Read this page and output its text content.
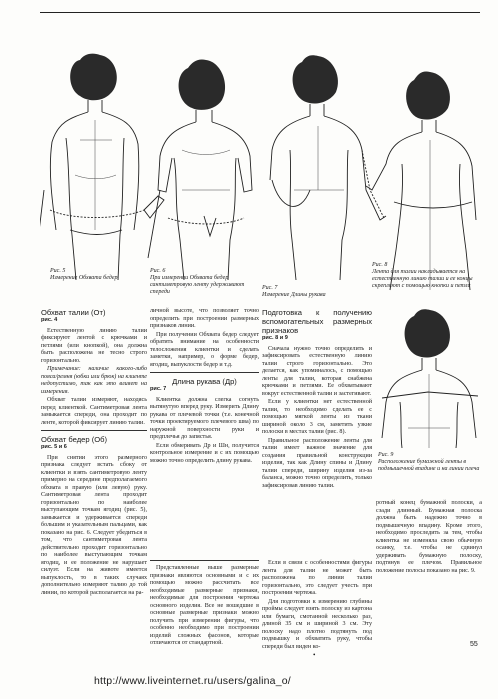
Рис. 5
Измерение Обхвата бедер
Рис. 6
При измерении Обхвата бедер сантиметровую ленту удерживают спереди
Рис. 7
Измерение Длины рукава
Рис. 8
Лента для талии накладывается на естественную линию талии и ее концы скрепляют с помощью кнопки и петли
Обхват талии (От)
рис. 4

Естественную линию талии фиксируют лентой с крючками и петлями (или кнопкой), она должна быть расположена не тесно строго горизонтально.

Примечание: наличие какого-либо пояса/ремня (юбки или брюк) на клиенте недопустимо, так как это влияет на измерения.

Обхват талии измеряют, находясь перед клиенткой. Сантиметровая лента замыкается спереди, она проходит по ленте, которой фиксирует линию талии.

Обхват бедер (Об)
рис. 5 и 6

При снятии этого размерного признака следует встать сбоку от клиентки и взять сантиметровую ленту примерно на середине предполагаемого обхвата в правую (или левую) руку. Сантиметровая лента проходит горизонтально по наиболее выступающим точкам ягодиц (рис. 5), замыкается и удерживается спереди большим и указательным пальцами, как показано на рис. 6. Следует убедиться в том, что сантиметровая лента действительно проходит горизонтально по наиболее выступающим точкам ягодиц, и ее положение не нарушает силуэт. Если на животе имеется выпуклость, то в таких случаях дополнительно измеряют талию до той линии, по которой располагается на ра-

личной высоте, что позволяет точно определить при построении размерных признаков линии.

При получении Обхвата бедер следует обратить внимание на особенности телосложения клиентки и сделать заметки, например, о форме бедер, ягодиц, выпуклости бедер и т.д.

Длина рукава (Др)
рис. 7

Клиентка должна слегка согнуть вытянутую вперед руку. Измерить Длину рукава от плечевой точки (т.е. конечной точки проектируемого плечевого шва) по наружной поверхности руки и предплечья до запястья.

Если обмеривать Др и Шн, получится контрольное измерение и с их помощью можно точно определить длину рукава.

Представленные выше размерные признаки являются основными и с их помощью можно рассчитать все необходимые размерные признаки, необходимые для построения чертежа основного изделия. Все не вошедшие в основные размерные признаки можно получить при измерении фигуры, что особенно необходимо при построении изделий сложных фасонов, которые отличаются от стандартной.

Подготовка к получению вспомогательных размерных признаков
рис. 8 и 9

Сначала нужно точно определить и зафиксировать естественную линию талии строго горизонтально. Это делается, как упоминалось, с помощью ленты для талии, которая снабжена крючками и петлями. Ее обхватывают вокруг естественной талии и застегивают.

Если у клиентки нет естественной талии, то необходимо сделать ее с помощью мягкой ленты из ткани шириной около 3 см, заметить узкие полоски в местах талии (рис. 8).

Правильное расположение ленты для талии имеет важное значение для создания правильной конструкции изделия, так как Длину спины и Длину талии спереди, ширину изделия из-за баланса, можно точно определить, только зафиксировав линию талии.

Если в связи с особенностями фигуры лента для талии не может быть расположена по линии талии горизонтально, это следует учесть при построении чертежа.

Для подготовки к измерению глубины проймы следует взять полоску из картона или бумаги, смотанной несколько раз, длиной 35 см и шириной 3 см. Эту полоску надо плотно подтянуть под подмышку и обхватить руку, чтобы спереди был виден ко-

Рис. 9
Расположение бумажной ленты в подмышечной впадине и на линии плеча

ротный конец бумажной полоски, а сзади длинный. Бумажная полоска должна быть надежно точно в подмышечную впадину. Кроме этого, необходимо проследить за тем, чтобы клиентка не изменяла свою обычную осанку, т.е. чтобы не сдвинул удерживать бумажную полоску, подтянув ее плечом. Правильное положение полосы показано на рис. 9.

55
•
http://www.liveinternet.ru/users/galina_o/
